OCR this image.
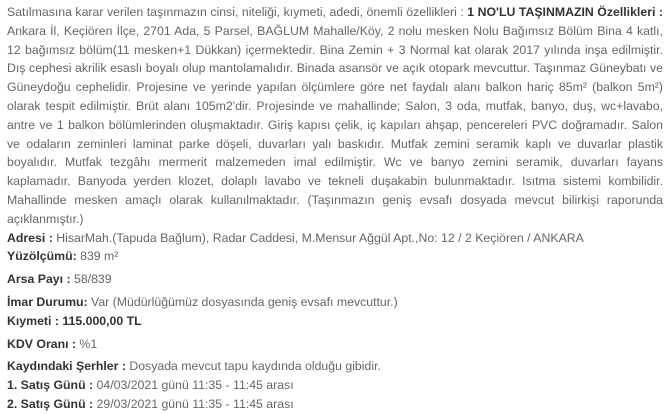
Satılmasına karar verilen taşınmazın cinsi, niteliği, kıymeti, adedi, önemli özellikleri : 1 NO'LU TAŞINMAZIN Özellikleri : Ankara İl, Keçiören İlçe, 2701 Ada, 5 Parsel, BAĞLUM Mahalle/Köy, 2 nolu mesken Nolu Bağımsız Bölüm Bina 4 katlı, 12 bağımsız bölüm(11 mesken+1 Dükkan) içermektedir. Bina Zemin + 3 Normal kat olarak 2017 yılında inşa edilmiştir. Dış cephesi akrilik esaslı boyalı olup mantolamalıdır. Binada asansör ve açık otopark mevcuttur. Taşınmaz Güneybatı ve Güneydoğu cephelidir. Projesine ve yerinde yapılan ölçümlere göre net faydalı alanı balkon hariç 85m² (balkon 5m²) olarak tespit edilmiştir. Brüt alanı 105m2'dir. Projesinde ve mahallinde; Salon, 3 oda, mutfak, banyo, duş, wc+lavabo, antre ve 1 balkon bölümlerinden oluşmaktadır. Giriş kapısı çelik, iç kapıları ahşap, pencereleri PVC doğramadır. Salon ve odaların zeminleri laminat parke döşeli, duvarları yalı baskıdır. Mutfak zemini seramik kaplı ve duvarlar plastik boyalıdır. Mutfak tezgâhı mermerit malzemeden imal edilmiştir. Wc ve banyo zemini seramik, duvarları fayans kaplamadır. Banyoda yerden klozet, dolaplı lavabo ve tekneli duşakabin bulunmaktadır. Isıtma sistemi kombilidir. Mahallinde mesken amaçlı olarak kullanılmaktadır. (Taşınmazın geniş evsafı dosyada mevcut bilirkişi raporunda açıklanmıştır.)

Adresi : HisarMah.(Tapuda Bağlum), Radar Caddesi, M.Mensur Ağgül Apt.,No: 12 / 2 Keçiören / ANKARA

Yüzölçümü: 839 m²

Arsa Payı : 58/839

İmar Durumu: Var (Müdürlüğümüz dosyasında geniş evsafı mevcuttur.)

Kıymeti : 115.000,00 TL

KDV Oranı : %1

Kaydındaki Şerhler : Dosyada mevcut tapu kaydında olduğu gibidir.

1. Satış Günü : 04/03/2021 günü 11:35 - 11:45 arası

2. Satış Günü : 29/03/2021 günü 11:35 - 11:45 arası
